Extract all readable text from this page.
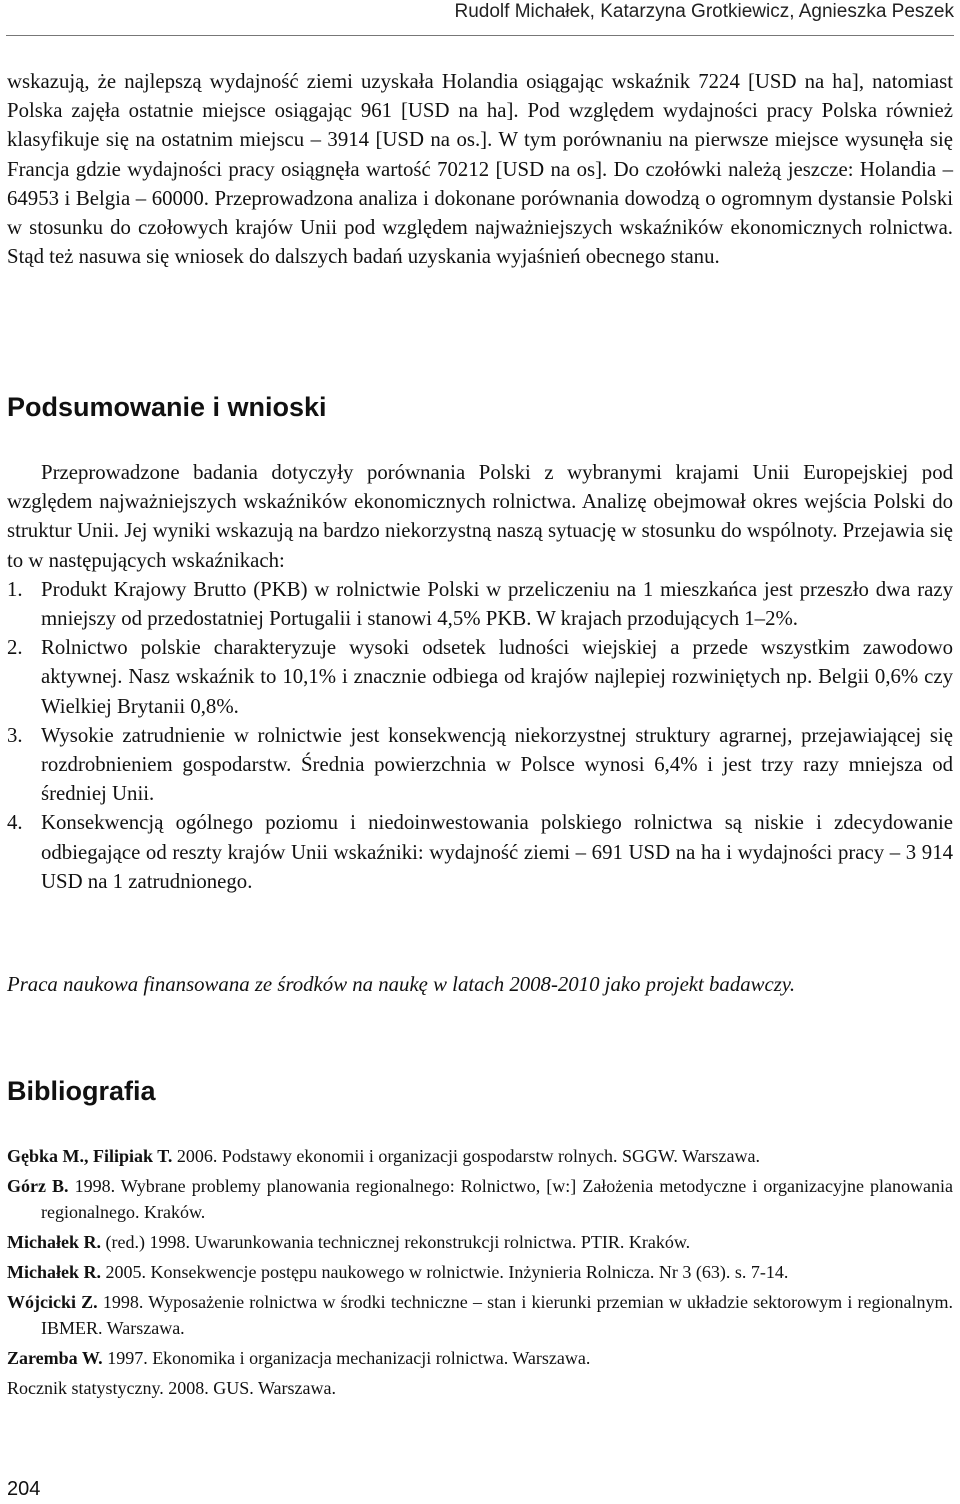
Rudolf Michałek, Katarzyna Grotkiewicz, Agnieszka Peszek

wskazują, że najlepszą wydajność ziemi uzyskała Holandia osiągając wskaźnik 7224 [USD na ha], natomiast Polska zajęła ostatnie miejsce osiągając 961 [USD na ha]. Pod względem wydajności pracy Polska również klasyfikuje się na ostatnim miejscu – 3914 [USD na os.]. W tym porównaniu na pierwsze miejsce wysunęła się Francja gdzie wydajności pracy osiągnęła wartość 70212 [USD na os]. Do czołówki należą jeszcze: Holandia – 64953 i Belgia – 60000. Przeprowadzona analiza i dokonane porównania dowodzą o ogromnym dystansie Polski w stosunku do czołowych krajów Unii pod względem najważniejszych wskaźników ekonomicznych rolnictwa. Stąd też nasuwa się wniosek do dalszych badań uzyskania wyjaśnień obecnego stanu.

Podsumowanie i wnioski

Przeprowadzone badania dotyczyły porównania Polski z wybranymi krajami Unii Europejskiej pod względem najważniejszych wskaźników ekonomicznych rolnictwa. Analizę obejmował okres wejścia Polski do struktur Unii. Jej wyniki wskazują na bardzo niekorzystną naszą sytuację w stosunku do wspólnoty. Przejawia się to w następujących wskaźnikach:

1. Produkt Krajowy Brutto (PKB) w rolnictwie Polski w przeliczeniu na 1 mieszkańca jest przeszło dwa razy mniejszy od przedostatniej Portugalii i stanowi 4,5% PKB. W krajach przodujących 1–2%.
2. Rolnictwo polskie charakteryzuje wysoki odsetek ludności wiejskiej a przede wszystkim zawodowo aktywnej. Nasz wskaźnik to 10,1% i znacznie odbiega od krajów najlepiej rozwiniętych np. Belgii 0,6% czy Wielkiej Brytanii 0,8%.
3. Wysokie zatrudnienie w rolnictwie jest konsekwencją niekorzystnej struktury agrarnej, przejawiającej się rozdrobnieniem gospodarstw. Średnia powierzchnia w Polsce wynosi 6,4% i jest trzy razy mniejsza od średniej Unii.
4. Konsekwencją ogólnego poziomu i niedoinwestowania polskiego rolnictwa są niskie i zdecydowanie odbiegające od reszty krajów Unii wskaźniki: wydajność ziemi – 691 USD na ha i wydajności pracy – 3 914 USD na 1 zatrudnionego.

Praca naukowa finansowana ze środków na naukę w latach 2008-2010 jako projekt badawczy.

Bibliografia
Gębka M., Filipiak T. 2006. Podstawy ekonomii i organizacji gospodarstw rolnych. SGGW. Warszawa.
Górz B. 1998. Wybrane problemy planowania regionalnego: Rolnictwo, [w:] Założenia metodyczne i organizacyjne planowania regionalnego. Kraków.
Michałek R. (red.) 1998. Uwarunkowania technicznej rekonstrukcji rolnictwa. PTIR. Kraków.
Michałek R. 2005. Konsekwencje postępu naukowego w rolnictwie. Inżynieria Rolnicza. Nr 3 (63). s. 7-14.
Wójcicki Z. 1998. Wyposażenie rolnictwa w środki techniczne – stan i kierunki przemian w układzie sektorowym i regionalnym. IBMER. Warszawa.
Zaremba W. 1997. Ekonomika i organizacja mechanizacji rolnictwa. Warszawa.
Rocznik statystyczny. 2008. GUS. Warszawa.
204
